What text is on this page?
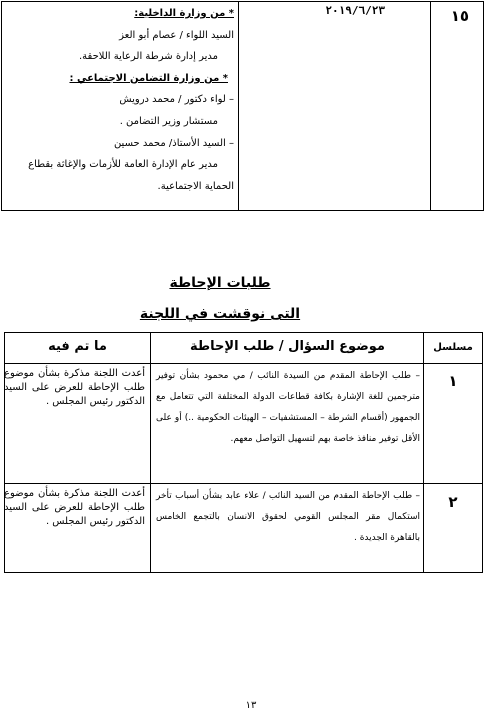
١٥
٢٠١٩/٦/٢٣
* من وزارة الداخلية:
السيد اللواء / عصام أبو العز
مدير إدارة شرطة الرعاية اللاحقة.
* من وزارة التضامن الاجتماعي :
– لواء دكتور / محمد درويش
مستشار وزير التضامن .
– السيد الأستاذ/ محمد حسين
مدير عام الإدارة العامة للأزمات والإغاثة بقطاع
الحماية الاجتماعية.
طلبات الإحاطة
التى نوقشت في اللجنة
مسلسل
موضوع السؤال / طلب الإحاطة
ما تم فيه
١
– طلب الإحاطة المقدم من السيدة النائب / مي محمود بشأن توفير مترجمين للغة الإشارة بكافة قطاعات الدولة المختلفة التي تتعامل مع الجمهور (أقسام الشرطة – المستشفيات – الهيئات الحكومية ..) أو على الأقل توفير منافذ خاصة بهم لتسهيل التواصل معهم.
أعدت اللجنة مذكرة بشأن موضوع طلب الإحاطة للعرض على السيد الدكتور رئيس المجلس .
٢
– طلب الإحاطة المقدم من السيد النائب / علاء عابد بشأن أسباب تأخر استكمال مقر المجلس القومي لحقوق الانسان بالتجمع الخامس بالقاهرة الجديدة .
أعدت اللجنة مذكرة بشأن موضوع طلب الإحاطة للعرض على السيد الدكتور رئيس المجلس .
١٣
